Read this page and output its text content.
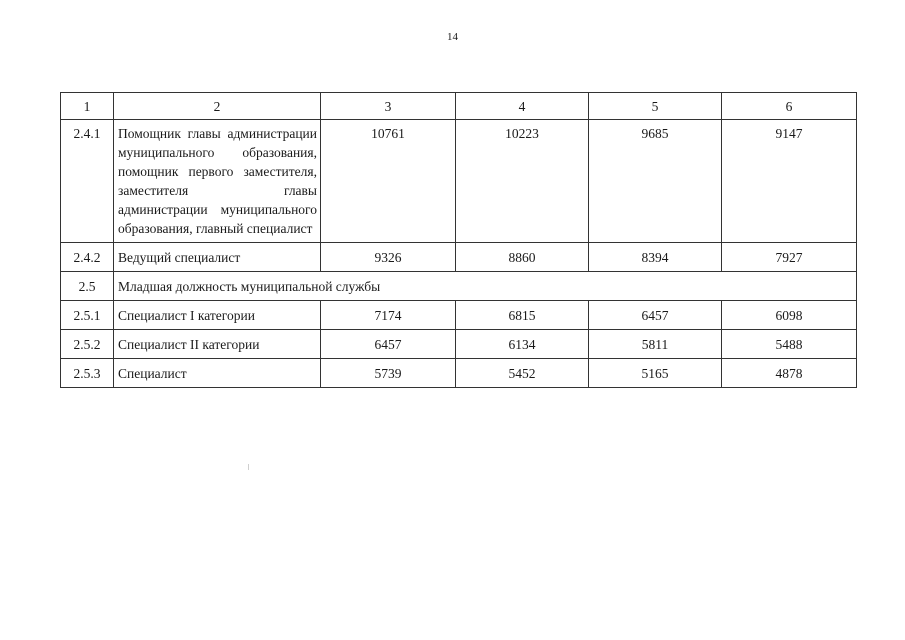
14
1	2	3	4	5	6
2.4.1	Помощник главы администрации муниципального образования, помощник первого заместителя, заместителя главы администрации муниципального образования, главный специалист	10761	10223	9685	9147
2.4.2	Ведущий специалист	9326	8860	8394	7927
2.5	Младшая должность муниципальной службы				
2.5.1	Специалист I категории	7174	6815	6457	6098
2.5.2	Специалист II категории	6457	6134	5811	5488
2.5.3	Специалист	5739	5452	5165	4878
